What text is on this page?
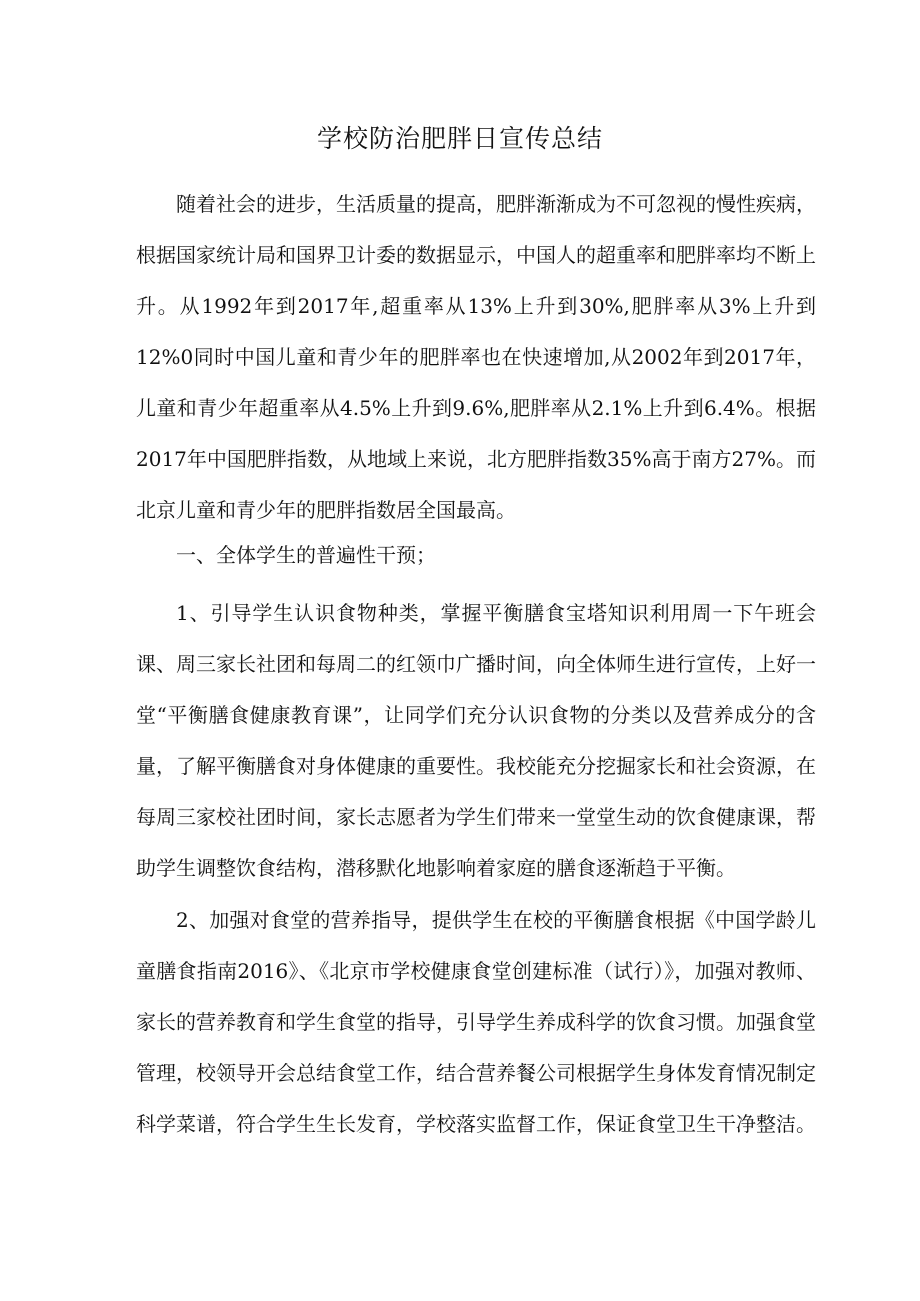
学校防治肥胖日宣传总结

随着社会的进步，生活质量的提高，肥胖渐渐成为不可忽视的慢性疾病，根据国家统计局和国界卫计委的数据显示，中国人的超重率和肥胖率均不断上升。从1992年到2017年,超重率从13%上升到30%,肥胖率从3%上升到12%0同时中国儿童和青少年的肥胖率也在快速增加,从2002年到2017年，儿童和青少年超重率从4.5%上升到9.6%,肥胖率从2.1%上升到6.4%。根据2017年中国肥胖指数，从地域上来说，北方肥胖指数35%高于南方27%。而北京儿童和青少年的肥胖指数居全国最高。

一、全体学生的普遍性干预；

1、引导学生认识食物种类，掌握平衡膳食宝塔知识利用周一下午班会课、周三家长社团和每周二的红领巾广播时间，向全体师生进行宣传，上好一堂“平衡膳食健康教育课”，让同学们充分认识食物的分类以及营养成分的含量，了解平衡膳食对身体健康的重要性。我校能充分挖掘家长和社会资源，在每周三家校社团时间，家长志愿者为学生们带来一堂堂生动的饮食健康课，帮助学生调整饮食结构，潜移默化地影响着家庭的膳食逐渐趋于平衡。

2、加强对食堂的营养指导，提供学生在校的平衡膳食根据《中国学龄儿童膳食指南2016》、《北京市学校健康食堂创建标准（试行）》，加强对教师、家长的营养教育和学生食堂的指导，引导学生养成科学的饮食习惯。加强食堂管理，校领导开会总结食堂工作，结合营养餐公司根据学生身体发育情况制定科学菜谱，符合学生生长发育，学校落实监督工作，保证食堂卫生干净整洁。
